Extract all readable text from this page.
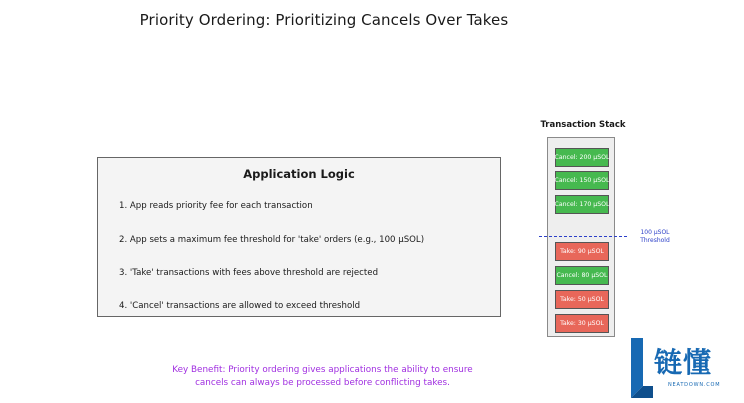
Priority Ordering: Prioritizing Cancels Over Takes
Application Logic
1. App reads priority fee for each transaction
2. App sets a maximum fee threshold for 'take' orders (e.g., 100 μSOL)
3. 'Take' transactions with fees above threshold are rejected
4. 'Cancel' transactions are allowed to exceed threshold
Transaction Stack
Cancel: 200 μSOL
Cancel: 150 μSOL
Cancel: 170 μSOL
Take: 90 μSOL
Cancel: 80 μSOL
Take: 50 μSOL
Take: 30 μSOL
100 μSOL
Threshold
Key Benefit: Priority ordering gives applications the ability to ensure
cancels can always be processed before conflicting takes.
链懂
NEATDOWN.COM
